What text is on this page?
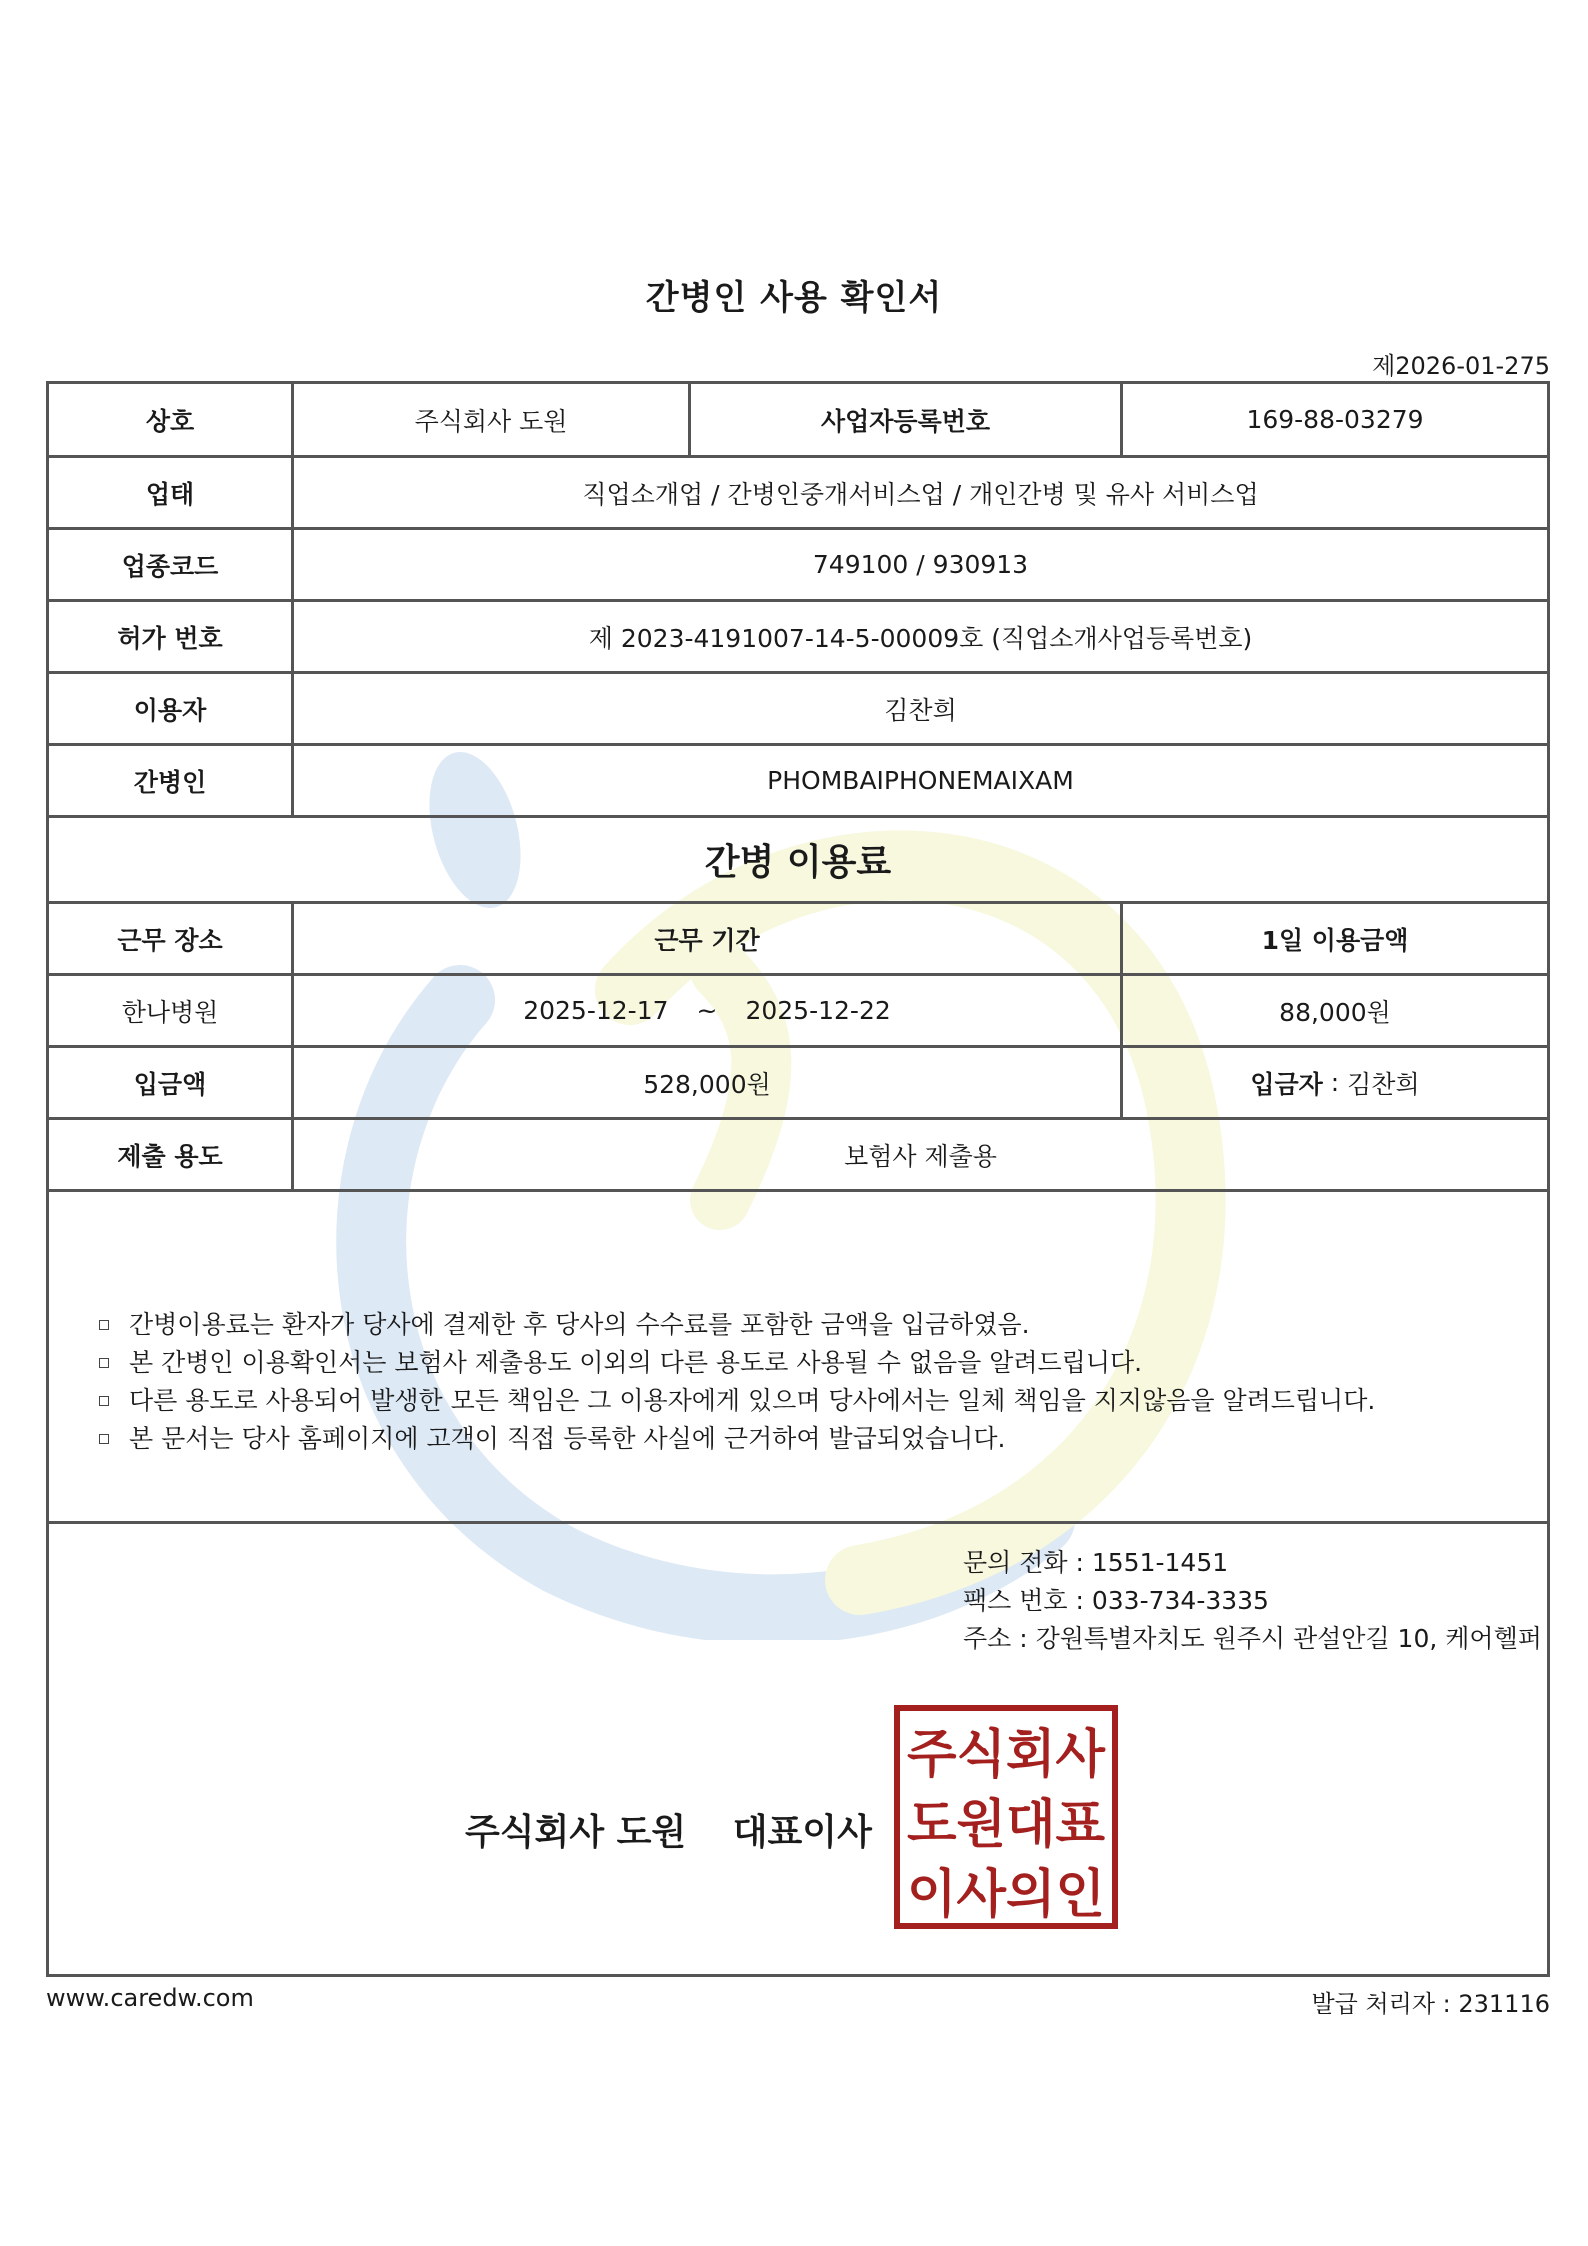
간병인 사용 확인서
제2026-01-275
상호	주식회사 도원	사업자등록번호	169-88-03279
업태	직업소개업 / 간병인중개서비스업 / 개인간병 및 유사 서비스업
업종코드	749100 / 930913
허가 번호	제 2023-4191007-14-5-00009호 (직업소개사업등록번호)
이용자	김찬희
간병인	PHOMBAIPHONEMAIXAM
간병 이용료
근무 장소	근무 기간	1일 이용금액
한나병원	2025-12-17 ~ 2025-12-22	88,000원
입금액	528,000원	입금자 : 김찬희
제출 용도	보험사 제출용
간병이용료는 환자가 당사에 결제한 후 당사의 수수료를 포함한 금액을 입금하였음.
본 간병인 이용확인서는 보험사 제출용도 이외의 다른 용도로 사용될 수 없음을 알려드립니다.
다른 용도로 사용되어 발생한 모든 책임은 그 이용자에게 있으며 당사에서는 일체 책임을 지지않음을 알려드립니다.
본 문서는 당사 홈페이지에 고객이 직접 등록한 사실에 근거하여 발급되었습니다.
문의 전화 : 1551-1451
팩스 번호 : 033-734-3335
주소 : 강원특별자치도 원주시 관설안길 10, 케어헬퍼
주식회사 도원 대표이사
주식회사
도원대표
이사의인
www.caredw.com	발급 처리자 : 231116
